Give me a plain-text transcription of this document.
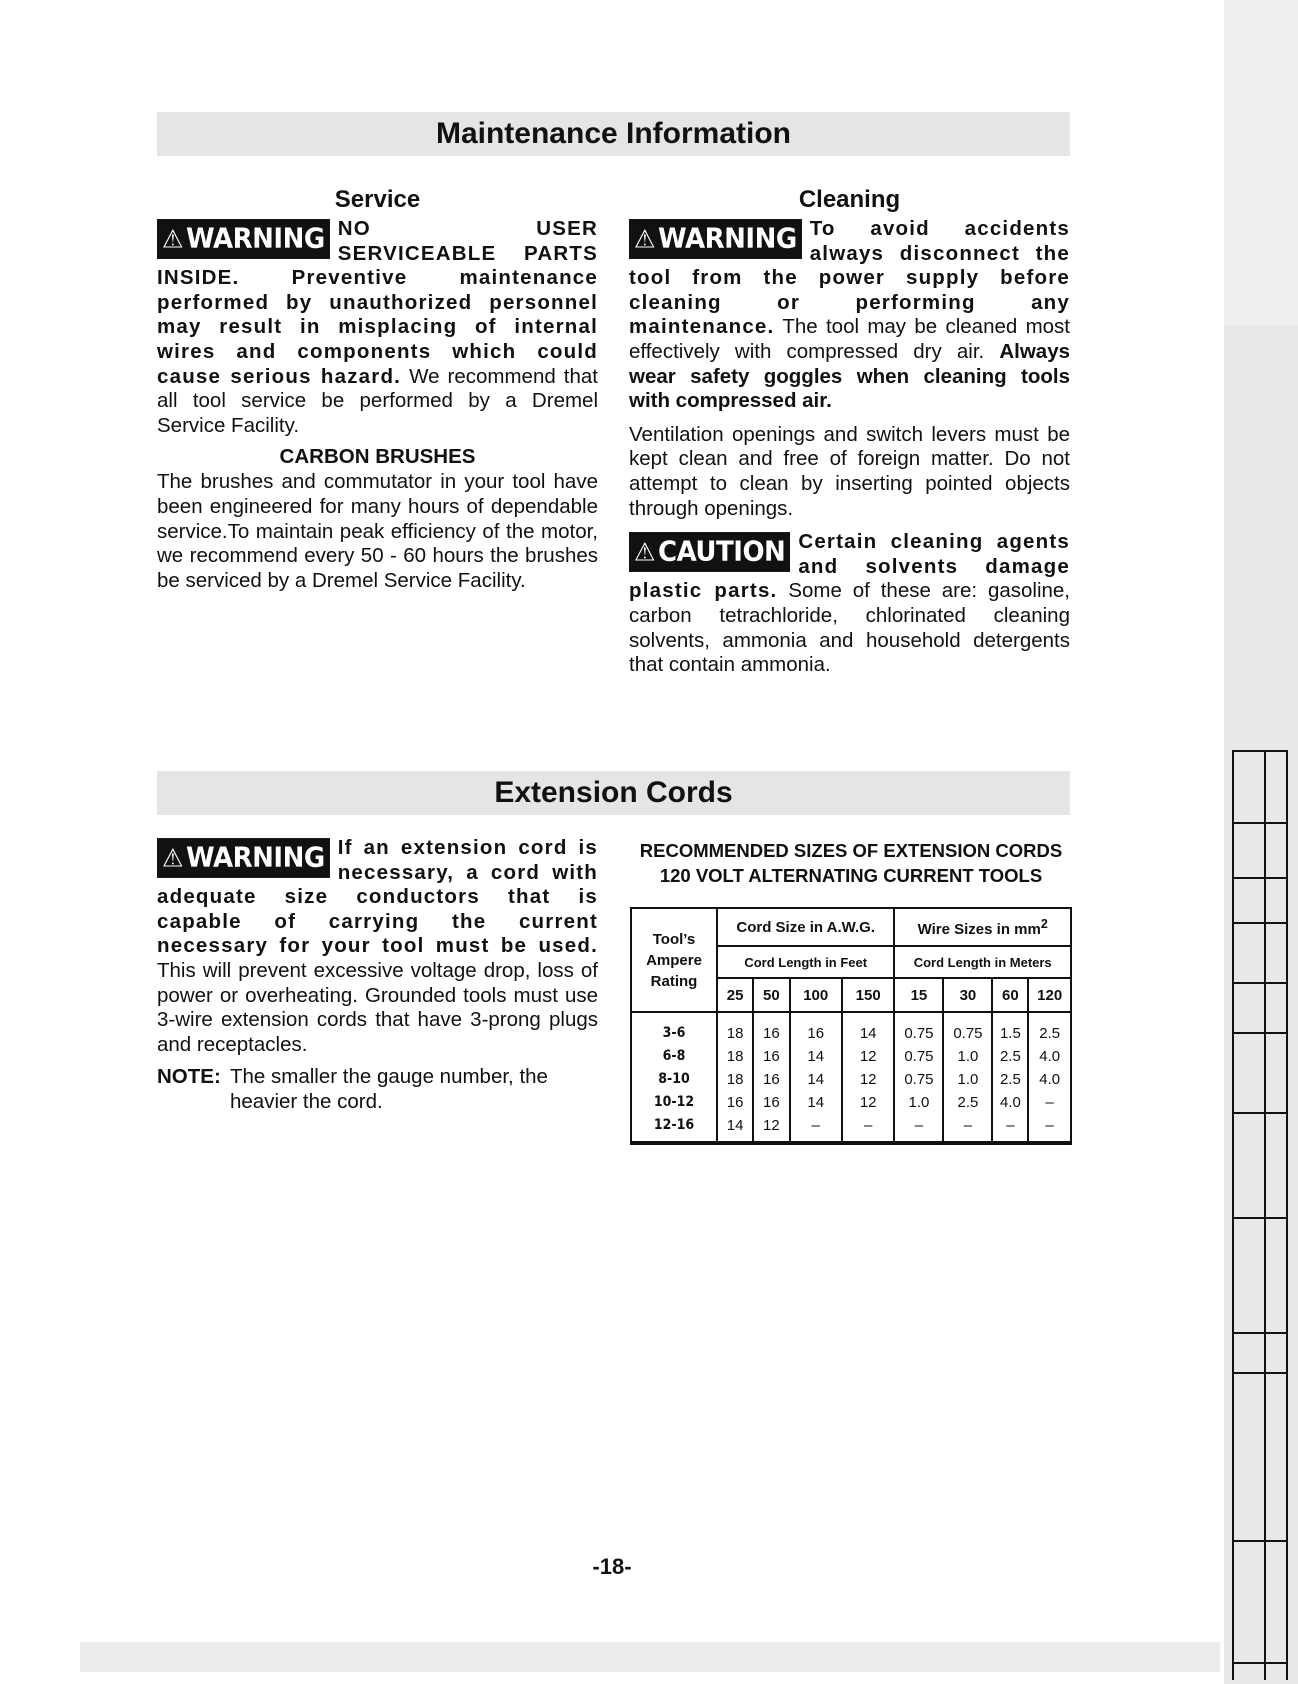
Maintenance Information
Service

⚠ WARNING NO USER SERVICEABLE PARTS INSIDE. Preventive maintenance performed by unauthorized personnel may result in misplacing of internal wires and components which could cause serious hazard. We recommend that all tool service be performed by a Dremel Service Facility.

CARBON BRUSHES

The brushes and commutator in your tool have been engineered for many hours of dependable service.To maintain peak efficiency of the motor, we recommend every 50 - 60 hours the brushes be serviced by a Dremel Service Facility.

Cleaning

⚠ WARNING To avoid accidents always disconnect the tool from the power supply before cleaning or performing any maintenance. The tool may be cleaned most effectively with compressed dry air. Always wear safety goggles when cleaning tools with compressed air.

Ventilation openings and switch levers must be kept clean and free of foreign matter. Do not attempt to clean by inserting pointed objects through openings.

⚠ CAUTION Certain cleaning agents and solvents damage plastic parts. Some of these are: gasoline, carbon tetrachloride, chlorinated cleaning solvents, ammonia and household detergents that contain ammonia.

Extension Cords

⚠ WARNING If an extension cord is necessary, a cord with adequate size conductors that is capable of carrying the current necessary for your tool must be used. This will prevent excessive voltage drop, loss of power or overheating. Grounded tools must use 3-wire extension cords that have 3-prong plugs and receptacles.

NOTE: The smaller the gauge number, the heavier the cord.
RECOMMENDED SIZES OF EXTENSION CORDS
120 VOLT ALTERNATING CURRENT TOOLS
Tool’s Ampere Rating	Cord Size in A.W.G.				Wire Sizes in $mm^2$
	Cord Length in Feet				Cord Length in Meters			
	25	50	100	150	15	30	60	120
3-6	18	16	16	14	0.75	0.75	1.5	2.5
6-8	18	16	14	12	0.75	1.0	2.5	4.0
8-10	18	16	14	12	0.75	1.0	2.5	4.0
10-12	16	16	14	12	1.0	2.5	4.0	–
12-16	14	12	–	–	–	–	–	–

-18-
